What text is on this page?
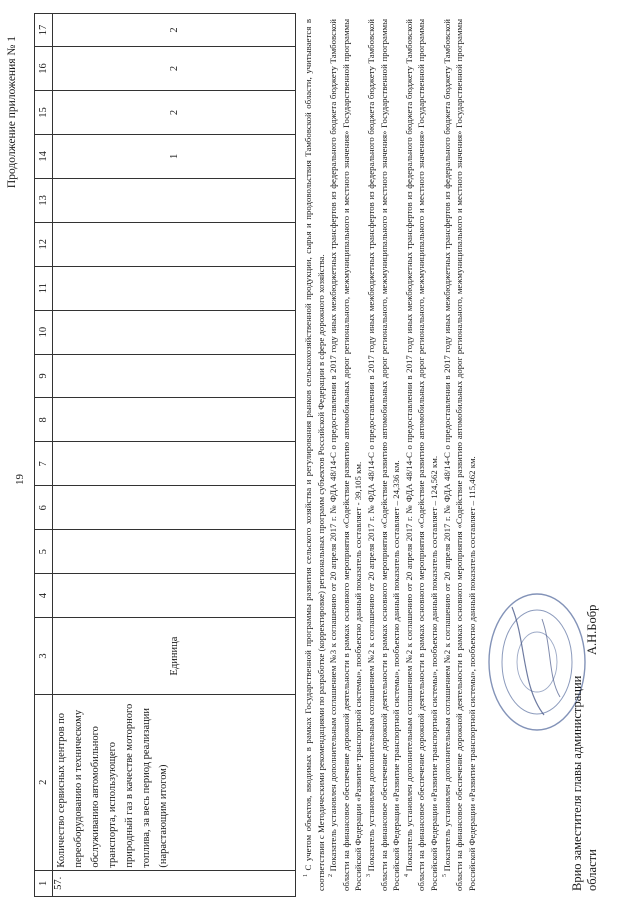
19
Продолжение приложения № 1
1	2	3	4	5	6	7	8	9	10	11	12	13	14	15	16	17
57.	Количество сервисных центров по переоборудованию и техническому обслуживанию автомобильного транспорта, использующего природный газ в качестве моторного топлива, за весь период реализации (нарастающим итогом)	Единица											1	2	2	2

$^1$ С учетом объектов, вводимых в рамках Государственной программы развития сельского хозяйства и регулирования рынков сельскохозяйственной продукции, сырья и продовольствия Тамбовской области, учитывается в соответствии с Методическими рекомендациями по разработке (корректировке) региональных программ субъектов Российской Федерации в сфере дорожного хозяйства. $^2$ Показатель установлен дополнительным соглашением №3 к соглашению от 20 апреля 2017 г. № ФДА 48/14-С о предоставлении в 2017 году иных межбюджетных трансфертов из федерального бюджета бюджету Тамбовской области на финансовое обеспечение дорожной деятельности в рамках основного мероприятия «Содействие развитию автомобильных дорог регионального, межмуниципального и местного значения» Государственной программы Российской Федерации «Развитие транспортной системы», пообъектно данный показатель составляет - 39,105 км. $^3$ Показатель установлен дополнительным соглашением №2 к соглашению от 20 апреля 2017 г. № ФДА 48/14-С о предоставлении в 2017 году иных межбюджетных трансфертов из федерального бюджета бюджету Тамбовской области на финансовое обеспечение дорожной деятельности в рамках основного мероприятия «Содействие развитию автомобильных дорог регионального, межмуниципального и местного значения» Государственной программы Российской Федерации «Развитие транспортной системы», пообъектно данный показатель составляет – 24,336 км. $^4$ Показатель установлен дополнительным соглашением №2 к соглашению от 20 апреля 2017 г. № ФДА 48/14-С о предоставлении в 2017 году иных межбюджетных трансфертов из федерального бюджета бюджету Тамбовской области на финансовое обеспечение дорожной деятельности в рамках основного мероприятия «Содействие развитию автомобильных дорог регионального, межмуниципального и местного значения» Государственной программы Российской Федерации «Развитие транспортной системы», пообъектно данный показатель составляет – 124,562 км. $^5$ Показатель установлен дополнительным соглашением №2 к соглашению от 20 апреля 2017 г. № ФДА 48/14-С о предоставлении в 2017 году иных межбюджетных трансфертов из федерального бюджета бюджету Тамбовской области на финансовое обеспечение дорожной деятельности в рамках основного мероприятия «Содействие развитию автомобильных дорог регионального, межмуниципального и местного значения» Государственной программы Российской Федерации «Развитие транспортной системы», пообъектно данный показатель составляет – 115,462 км.	Врио заместителя главы администрации области
А.Н.Бобр
